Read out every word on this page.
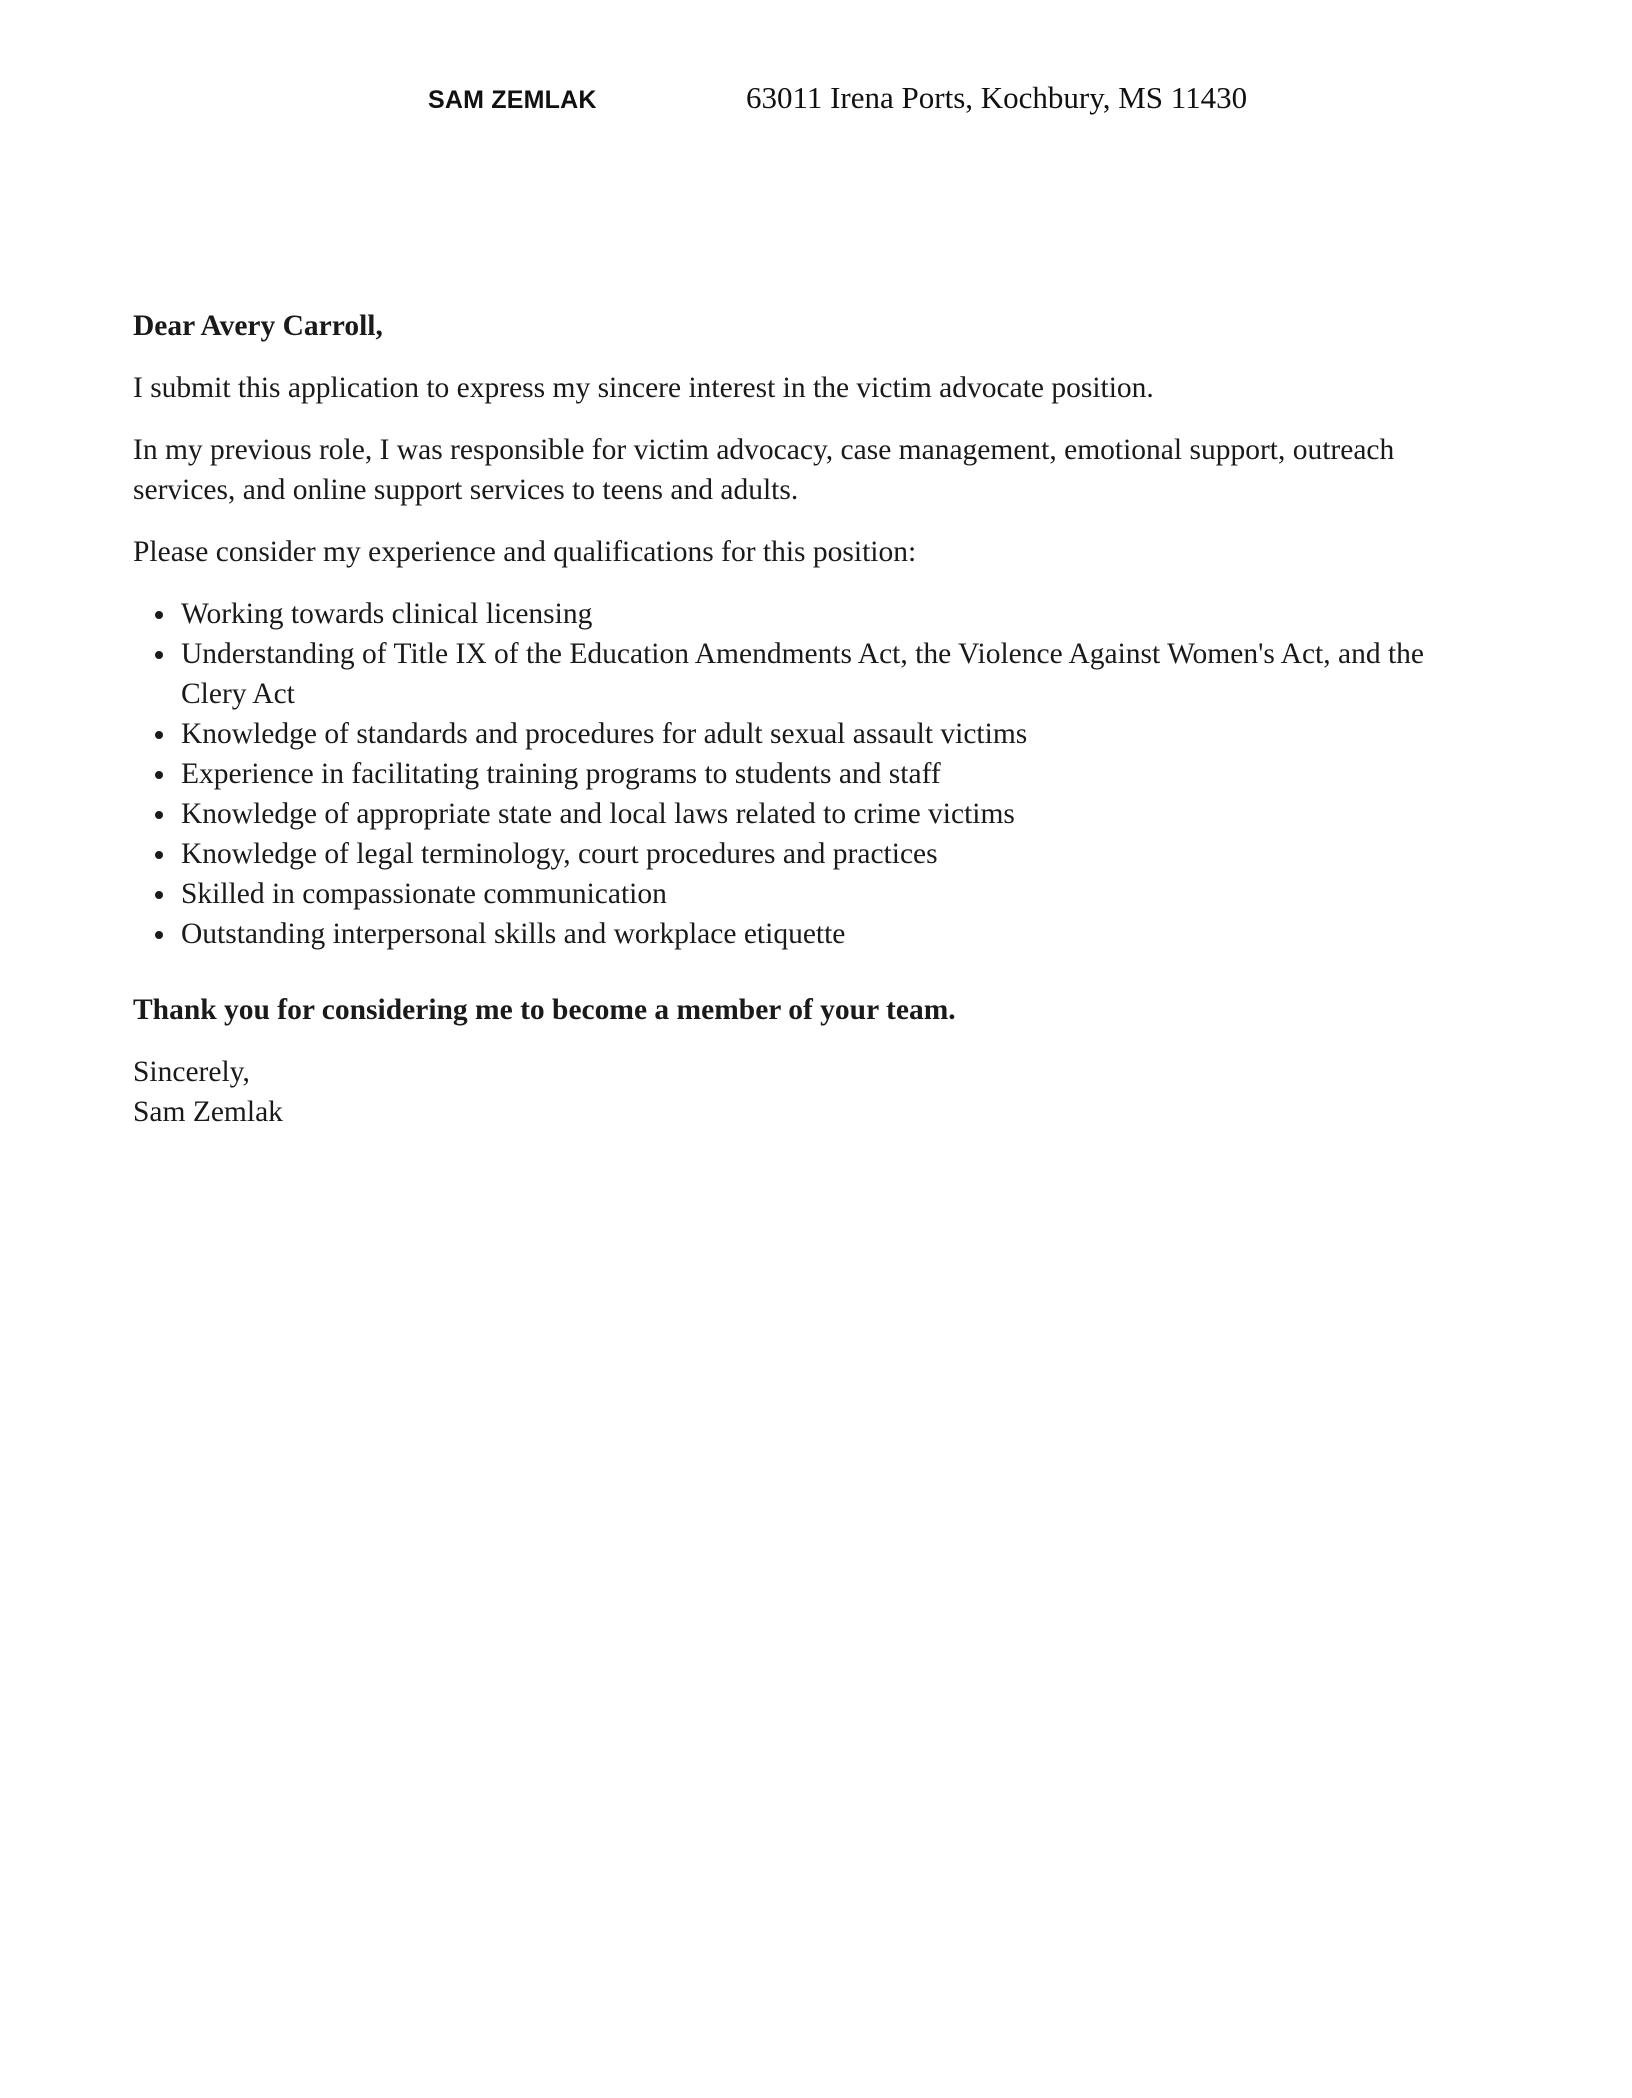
SAM ZEMLAK	63011 Irena Ports, Kochbury, MS 11430

Dear Avery Carroll,

I submit this application to express my sincere interest in the victim advocate position.

In my previous role, I was responsible for victim advocacy, case management, emotional support, outreach services, and online support services to teens and adults.

Please consider my experience and qualifications for this position:

Working towards clinical licensing
Understanding of Title IX of the Education Amendments Act, the Violence Against Women's Act, and the Clery Act
Knowledge of standards and procedures for adult sexual assault victims
Experience in facilitating training programs to students and staff
Knowledge of appropriate state and local laws related to crime victims
Knowledge of legal terminology, court procedures and practices
Skilled in compassionate communication
Outstanding interpersonal skills and workplace etiquette

Thank you for considering me to become a member of your team.

Sincerely,
Sam Zemlak
